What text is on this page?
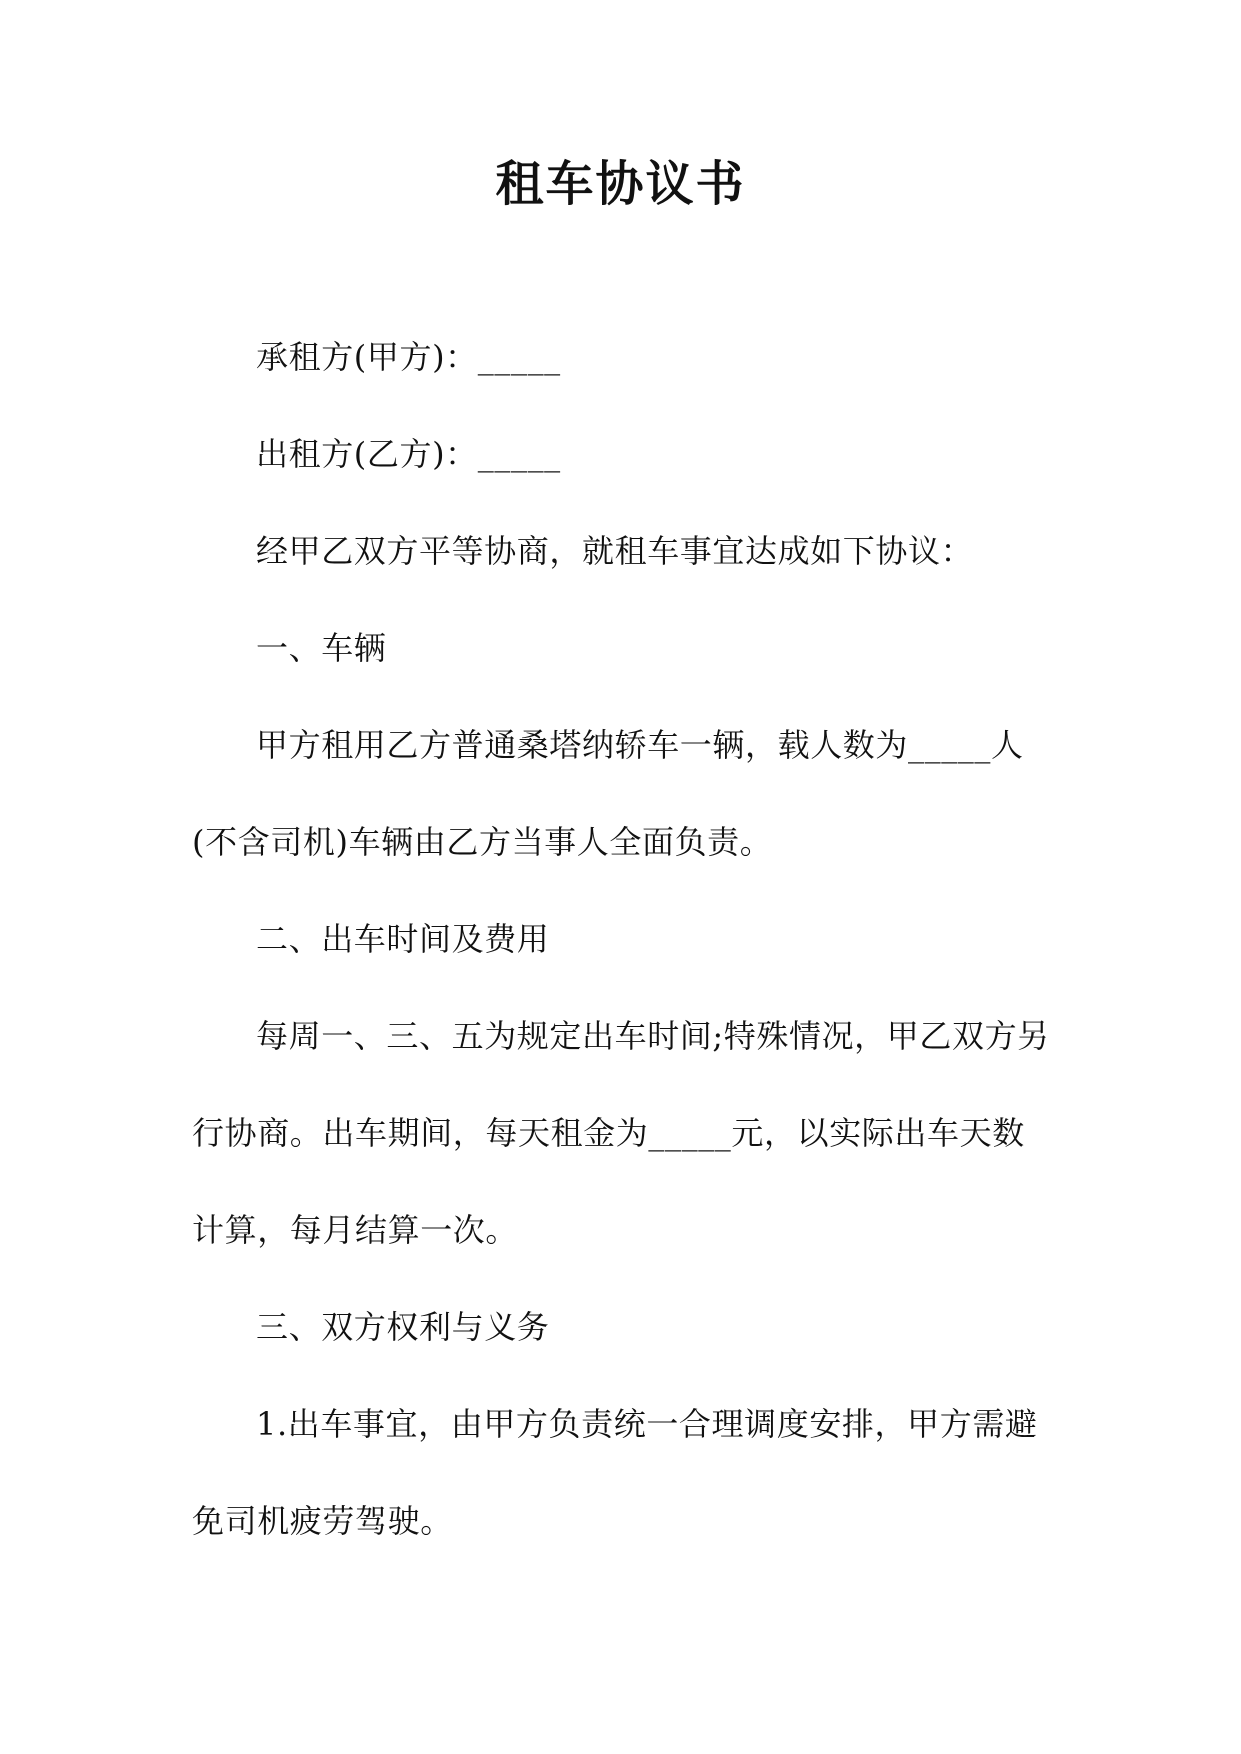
租车协议书

承租方(甲方)：_____

出租方(乙方)：_____

经甲乙双方平等协商，就租车事宜达成如下协议：

一、车辆

甲方租用乙方普通桑塔纳轿车一辆，载人数为_____人(不含司机)车辆由乙方当事人全面负责。

二、出车时间及费用

每周一、三、五为规定出车时间;特殊情况，甲乙双方另行协商。出车期间，每天租金为_____元，以实际出车天数计算，每月结算一次。

三、双方权利与义务

1.出车事宜，由甲方负责统一合理调度安排，甲方需避免司机疲劳驾驶。
